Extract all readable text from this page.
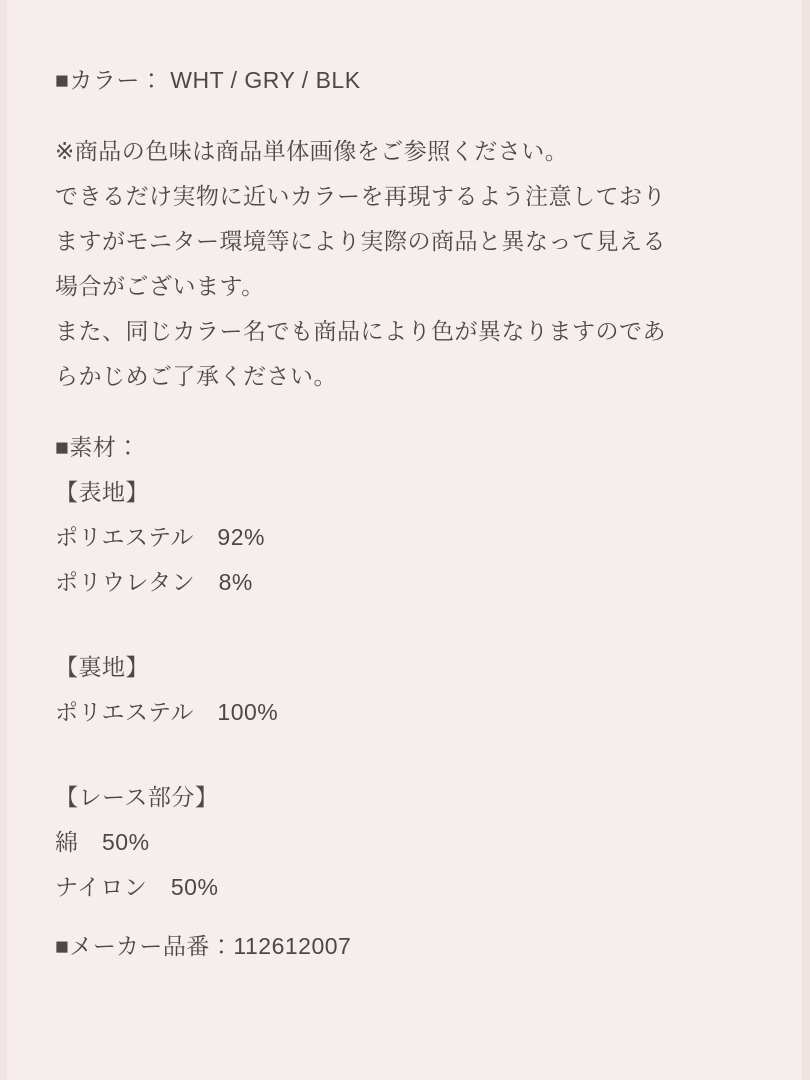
■カラー： WHT / GRY / BLK
※商品の色味は商品単体画像をご参照ください。
できるだけ実物に近いカラーを再現するよう注意しており
ますがモニター環境等により実際の商品と異なって見える
場合がございます。
また、同じカラー名でも商品により色が異なりますのであ
らかじめご了承ください。
■素材：
【表地】
ポリエステル　92%
ポリウレタン　8%
【裏地】
ポリエステル　100%
【レース部分】
綿　50%
ナイロン　50%
■メーカー品番：112612007
